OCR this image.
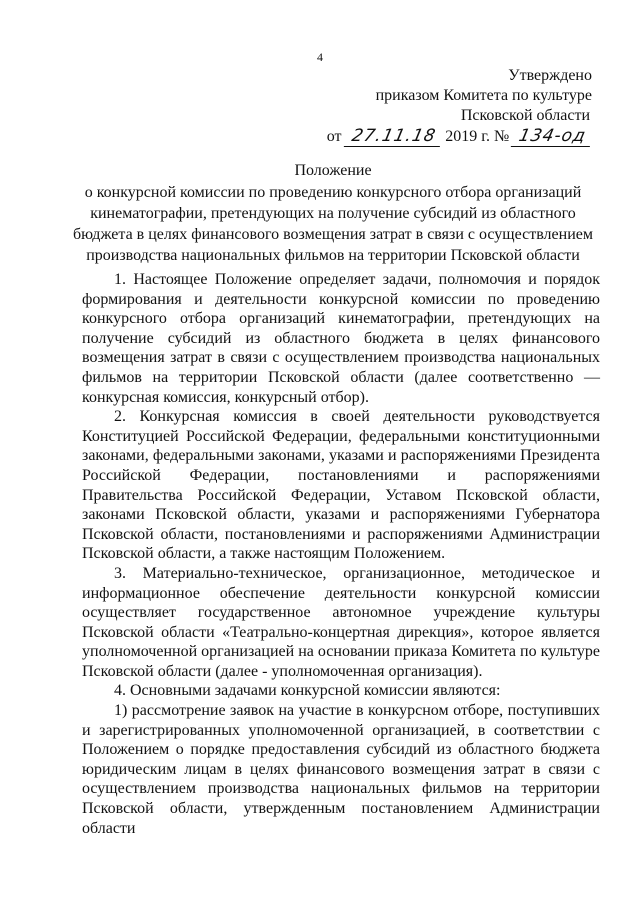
4
Утверждено
приказом Комитета по культуре
Псковской области
от 27.11.18 2019 г. № 134-од
Положение
о конкурсной комиссии по проведению конкурсного отбора организаций кинематографии, претендующих на получение субсидий из областного бюджета в целях финансового возмещения затрат в связи с осуществлением производства национальных фильмов на территории Псковской области

1. Настоящее Положение определяет задачи, полномочия и порядок формирования и деятельности конкурсной комиссии по проведению конкурсного отбора организаций кинематографии, претендующих на получение субсидий из областного бюджета в целях финансового возмещения затрат в связи с осуществлением производства национальных фильмов на территории Псковской области (далее соответственно — конкурсная комиссия, конкурсный отбор).

2. Конкурсная комиссия в своей деятельности руководствуется Конституцией Российской Федерации, федеральными конституционными законами, федеральными законами, указами и распоряжениями Президента Российской Федерации, постановлениями и распоряжениями Правительства Российской Федерации, Уставом Псковской области, законами Псковской области, указами и распоряжениями Губернатора Псковской области, постановлениями и распоряжениями Администрации Псковской области, а также настоящим Положением.

3. Материально-техническое, организационное, методическое и информационное обеспечение деятельности конкурсной комиссии осуществляет государственное автономное учреждение культуры Псковской области «Театрально-концертная дирекция», которое является уполномоченной организацией на основании приказа Комитета по культуре Псковской области (далее - уполномоченная организация).

4. Основными задачами конкурсной комиссии являются:

1) рассмотрение заявок на участие в конкурсном отборе, поступивших и зарегистрированных уполномоченной организацией, в соответствии с Положением о порядке предоставления субсидий из областного бюджета юридическим лицам в целях финансового возмещения затрат в связи с осуществлением производства национальных фильмов на территории Псковской области, утвержденным постановлением Администрации области
